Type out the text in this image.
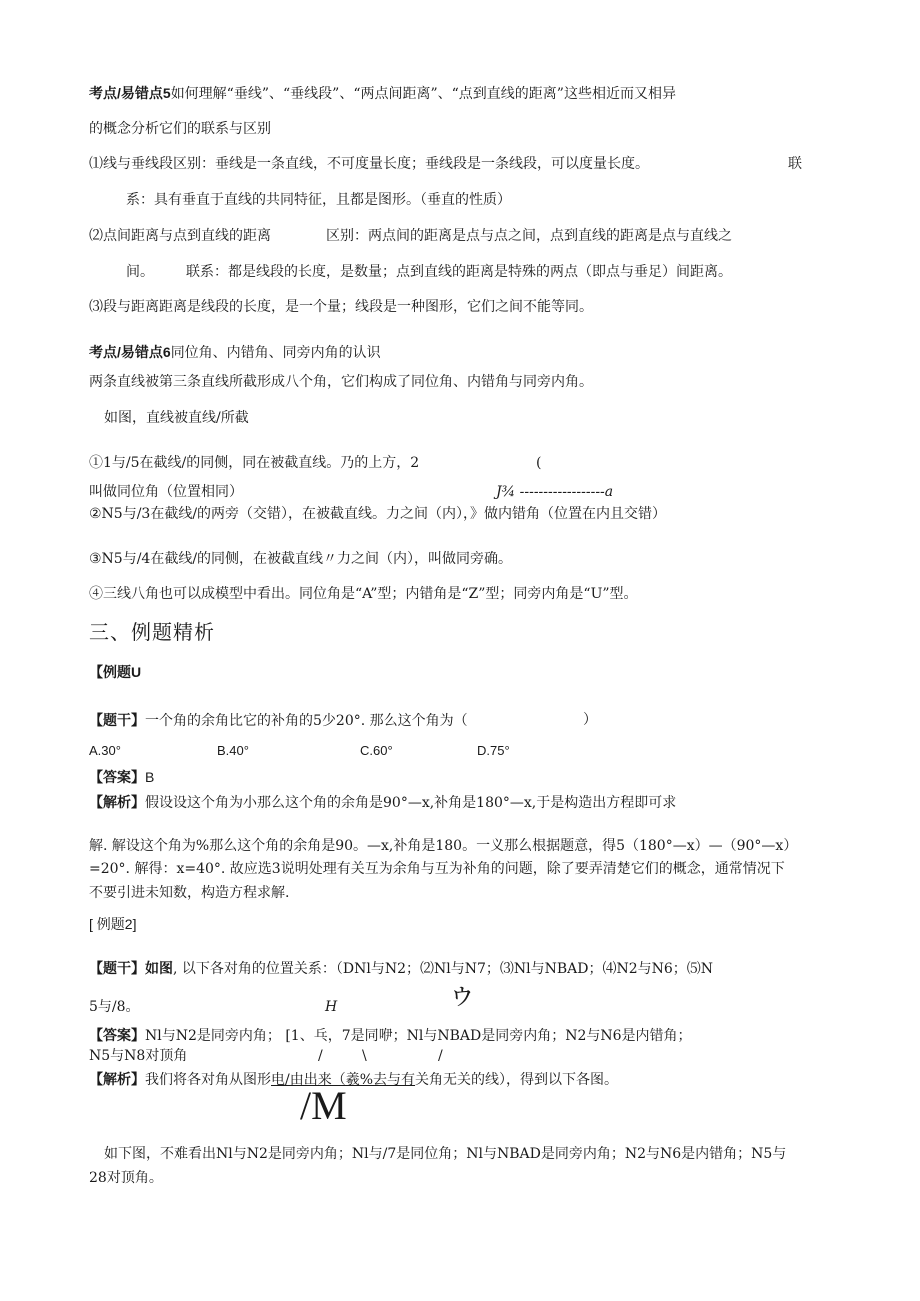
考点/易错点5如何理解“垂线”、“垂线段”、“两点间距离”、“点到直线的距离”这些相近而又相异
的概念分析它们的联系与区别
⑴线与垂线段区别：垂线是一条直线，不可度量长度；垂线段是一条线段，可以度量长度。	联
系：具有垂直于直线的共同特征，且都是图形。（垂直的性质）
⑵点间距离与点到直线的距离	区别：两点间的距离是点与点之间，点到直线的距离是点与直线之
间。 联系：都是线段的长度，是数量；点到直线的距离是特殊的两点（即点与垂足）间距离。
⑶段与距离距离是线段的长度，是一个量；线段是一种图形，它们之间不能等同。
考点/易错点6同位角、内错角、同旁内角的认识
两条直线被第三条直线所截形成八个角，它们构成了同位角、内错角与同旁内角。
如图，直线被直线/所截
①1与/5在截线/的同侧，同在被截直线。乃的上方，2	(
叫做同位角（位置相同）	J¾ ------------------a
②N5与/3在截线/的两旁（交错），在被截直线。力之间（内），》做内错角（位置在内且交错）
③N5与/4在截线/的同侧，在被截直线〃力之间（内），叫做同旁确。
④三线八角也可以成模型中看出。同位角是“A”型；内错角是“Z”型；同旁内角是“U”型。
三、例题精析
【例题U
【题干】一个角的余角比它的补角的5少20°. 那么这个角为（	）
A.30°	B.40°	C.60°	D.75°
【答案】B
【解析】假设设这个角为小那么这个角的余角是90°—x,补角是180°—x,于是构造出方程即可求
解. 解设这个角为%那么这个角的余角是90。—x,补角是180。一义那么根据题意，得5（180°—x）—（90°—x）
=20°. 解得：x=40°. 故应选3说明处理有关互为余角与互为补角的问题，除了要弄清楚它们的概念，通常情况下
不要引进未知数，构造方程求解.
[ 例题2]
【题干】如图, 以下各对角的位置关系：（DNl与N2；⑵Nl与N7；⑶Nl与NBAD；⑷N2与N6；⑸N
5与/8。	H	ゥ
【答案】Nl与N2是同旁内角； [1、乓，7是同咿；Nl与NBAD是同旁内角；N2与N6是内错角；
N5与N8对顶角	/	\	/
【解析】我们将各对角从图形电/由出来（羲%去与有关角无关的线），得到以下各图。
/M
如下图，不难看出Nl与N2是同旁内角；Nl与/7是同位角；Nl与NBAD是同旁内角；N2与N6是内错角；N5与
28对顶角。
